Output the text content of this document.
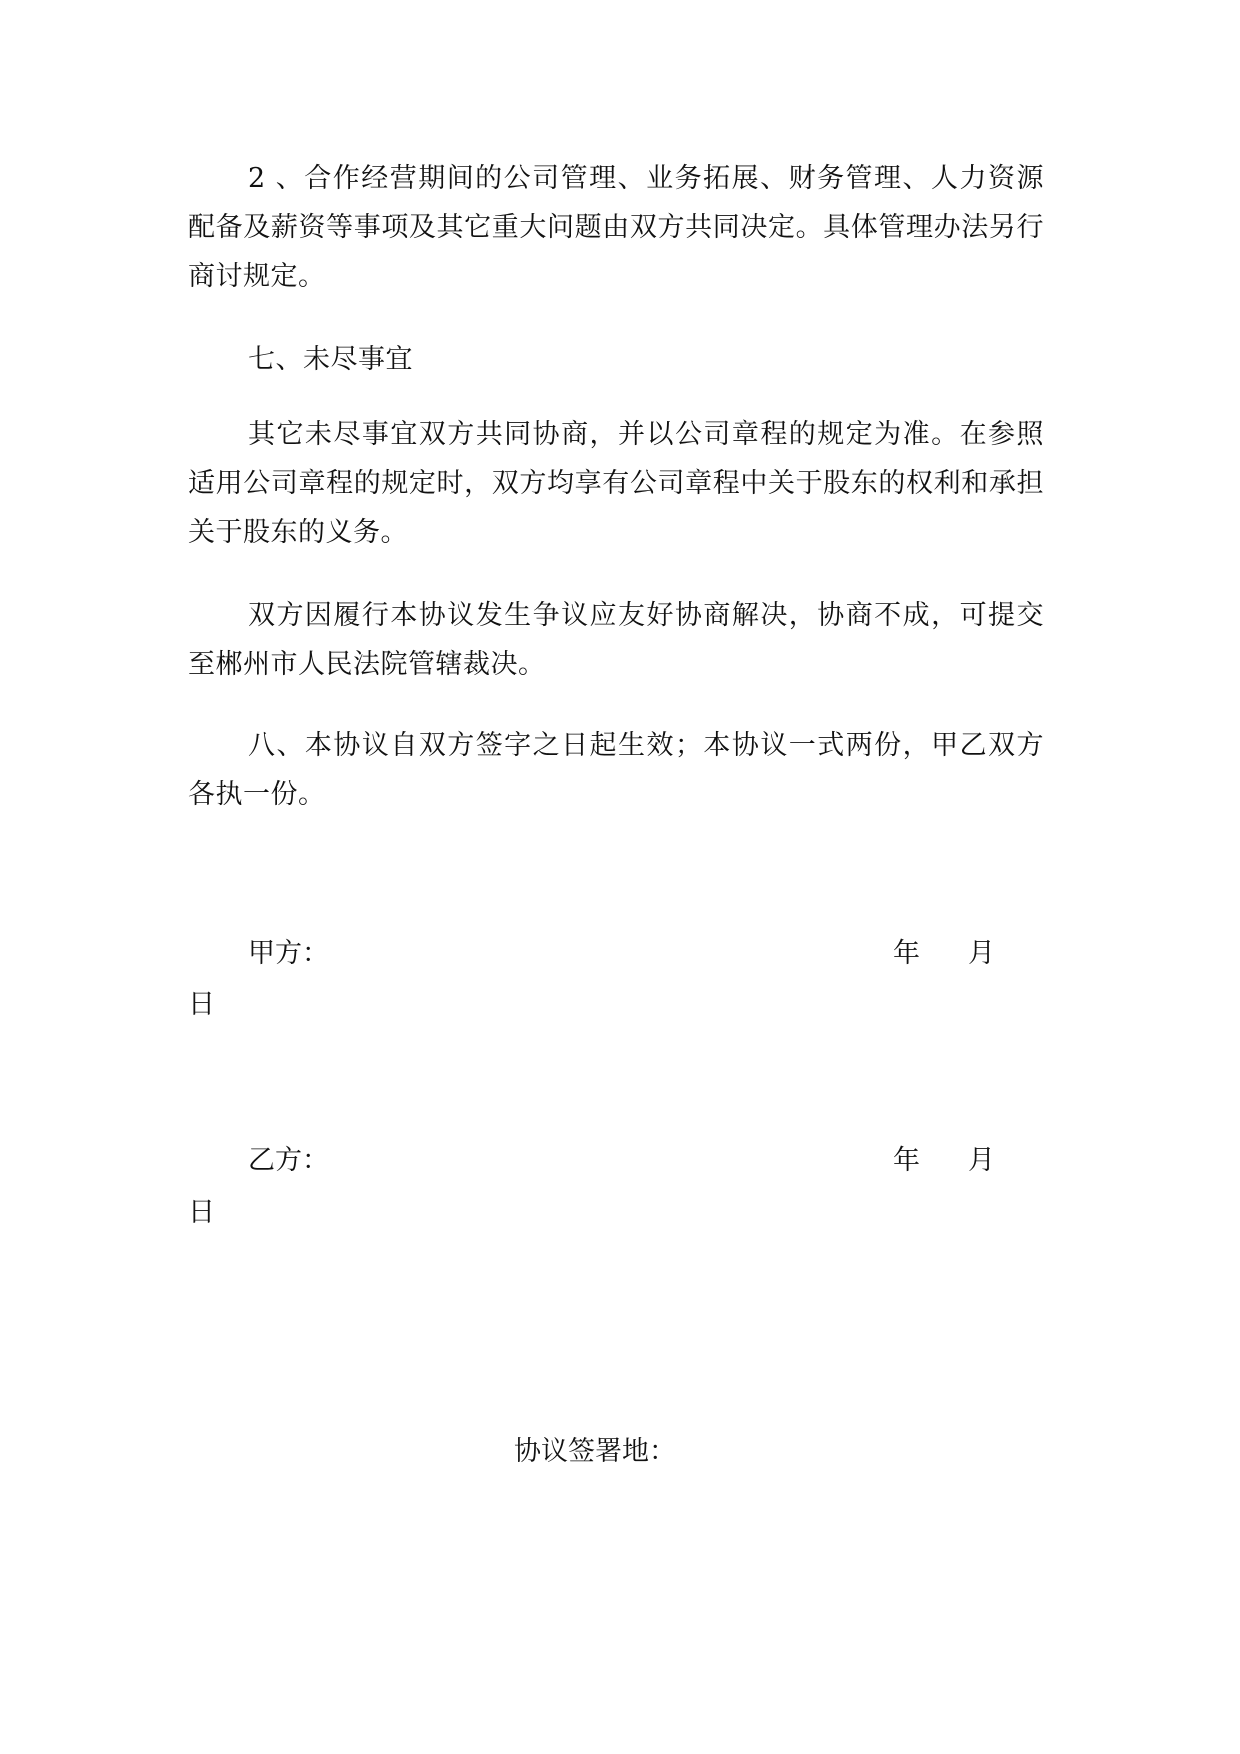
2 、合作经营期间的公司管理、业务拓展、财务管理、人力资源配备及薪资等事项及其它重大问题由双方共同决定。具体管理办法另行商讨规定。

七、未尽事宜

其它未尽事宜双方共同协商，并以公司章程的规定为准。在参照适用公司章程的规定时，双方均享有公司章程中关于股东的权利和承担关于股东的义务。

双方因履行本协议发生争议应友好协商解决，协商不成，可提交至郴州市人民法院管辖裁决。

八、本协议自双方签字之日起生效；本协议一式两份，甲乙双方各执一份。

甲方：	年 月

日

乙方：	年 月

日

协议签署地：
